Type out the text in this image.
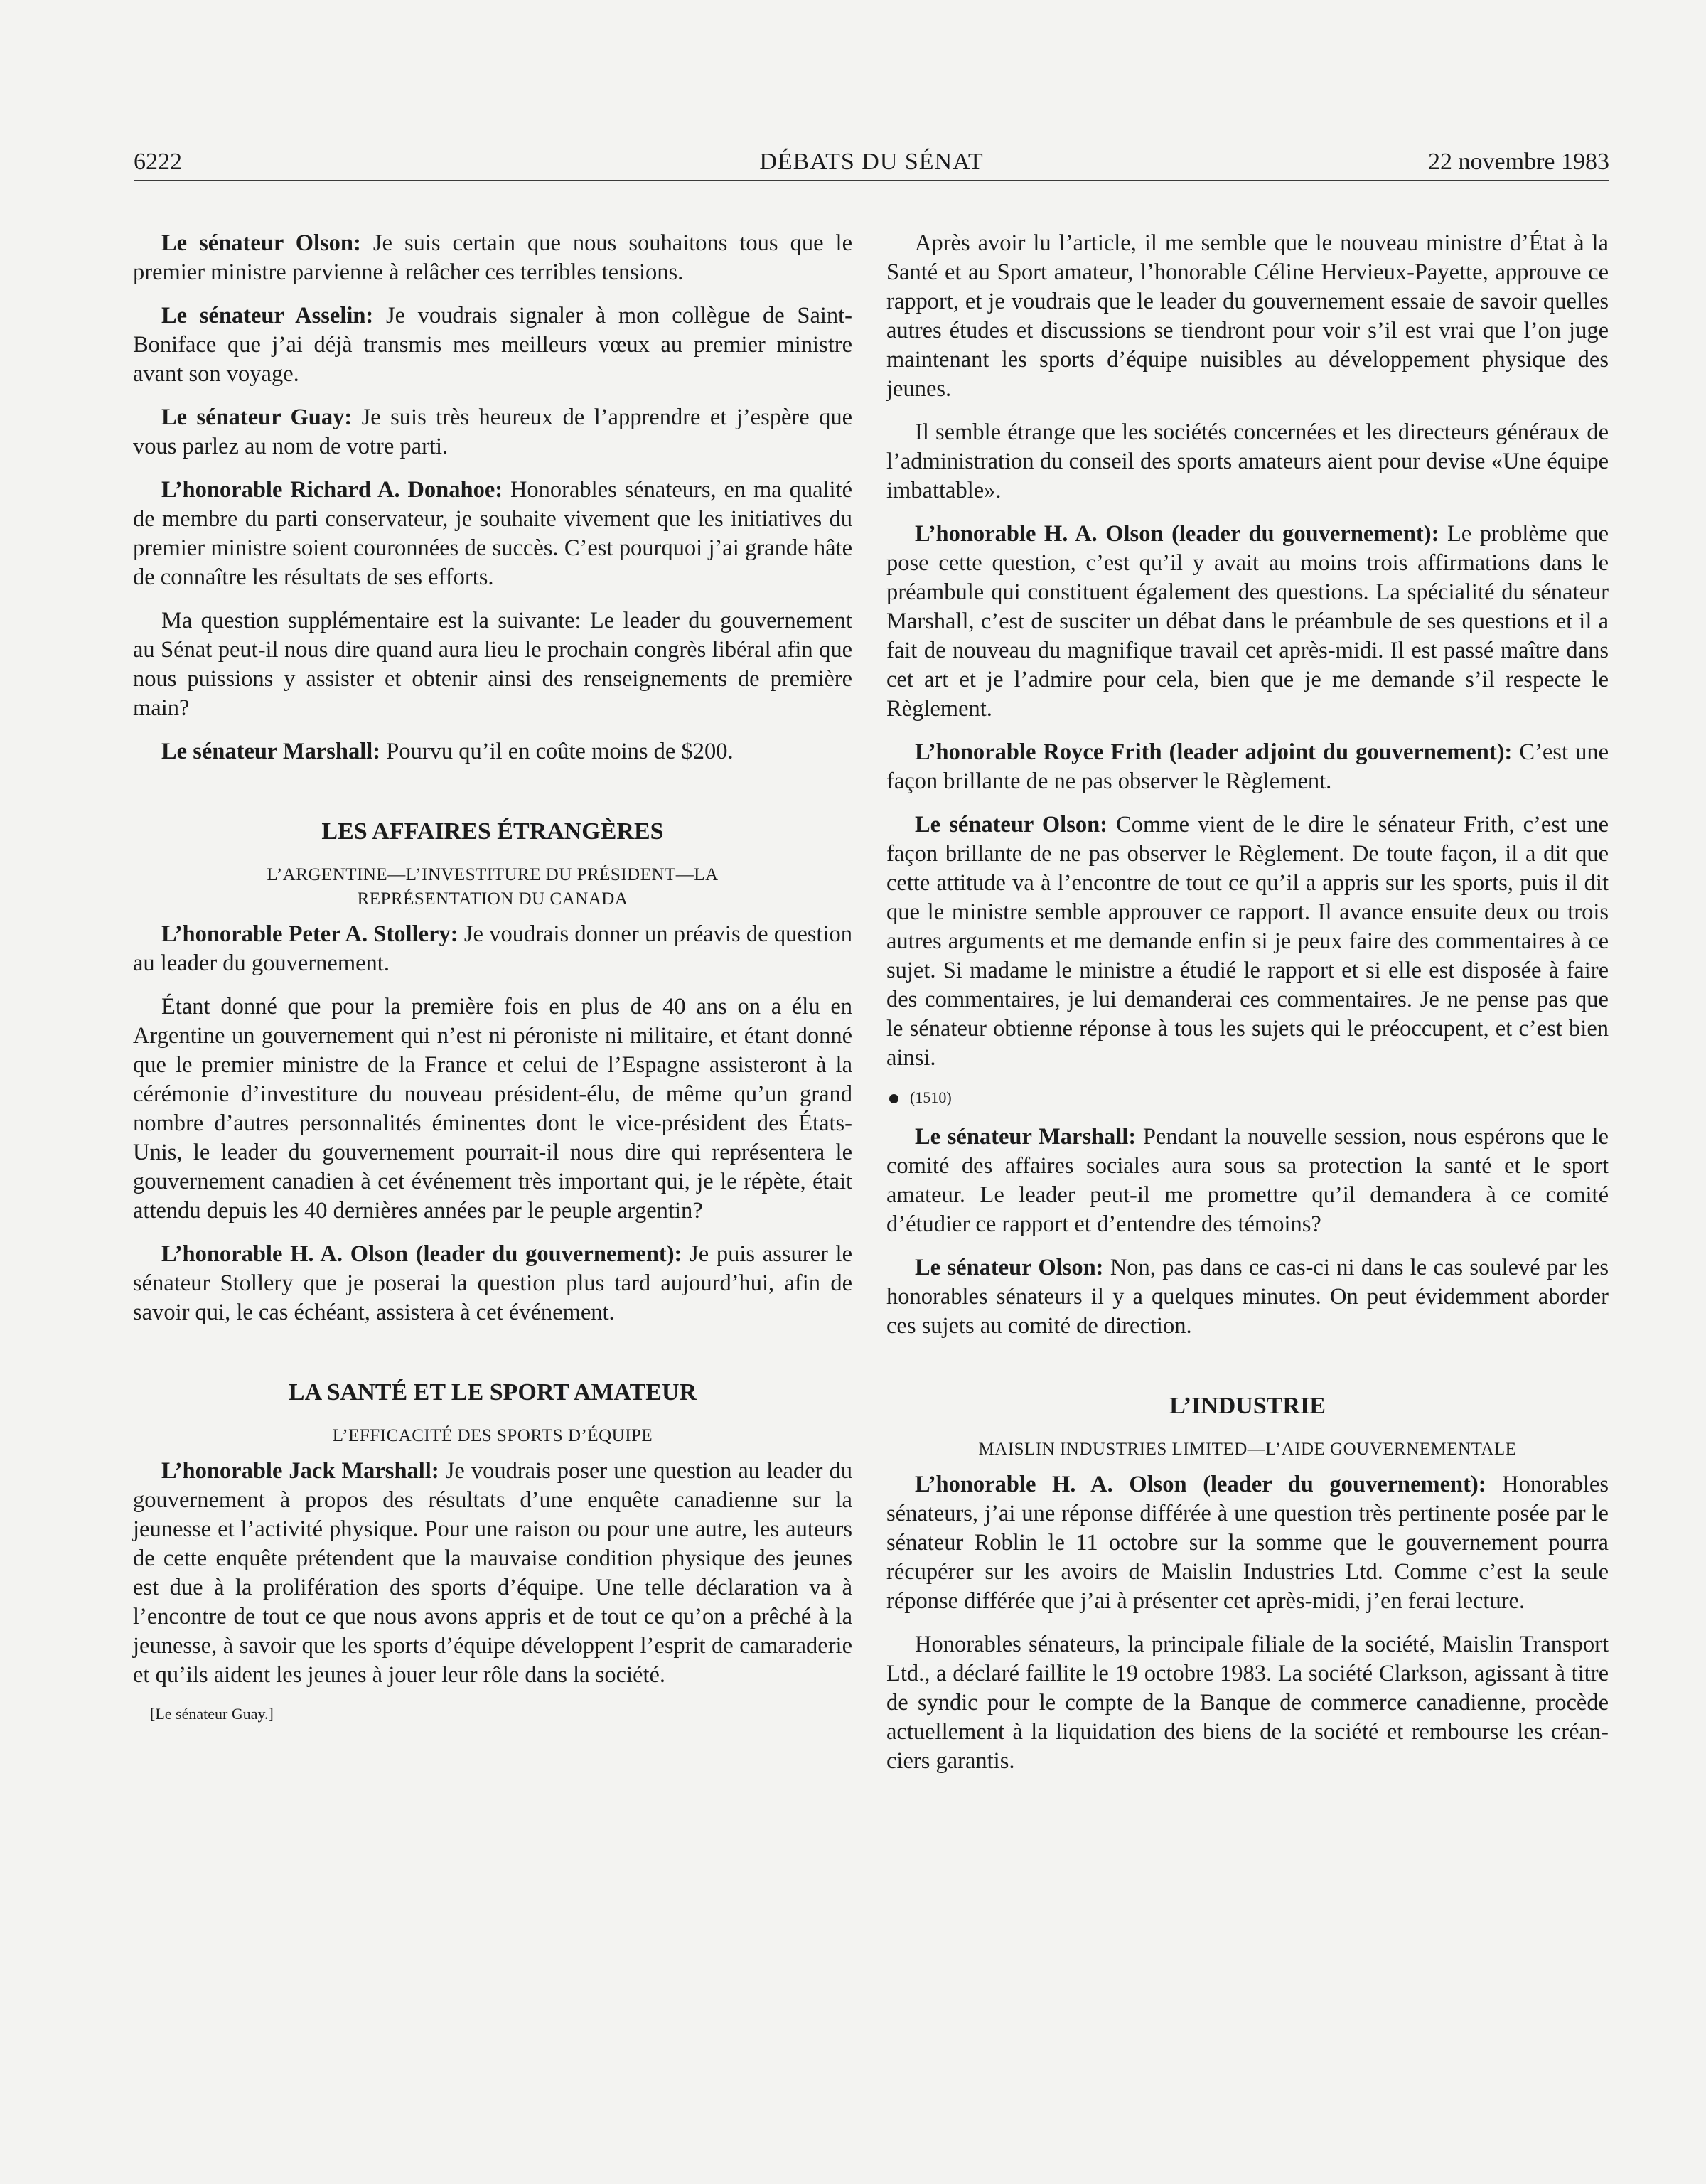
6222	DÉBATS DU SÉNAT	22 novembre 1983

Le sénateur Olson: Je suis certain que nous souhaitons tous que le premier ministre parvienne à relâcher ces terribles tensions.

Le sénateur Asselin: Je voudrais signaler à mon collègue de Saint-Boniface que j’ai déjà transmis mes meilleurs vœux au premier ministre avant son voyage.

Le sénateur Guay: Je suis très heureux de l’apprendre et j’espère que vous parlez au nom de votre parti.

L’honorable Richard A. Donahoe: Honorables sénateurs, en ma qualité de membre du parti conservateur, je souhaite vivement que les initiatives du premier ministre soient couronnées de succès. C’est pourquoi j’ai grande hâte de connaître les résultats de ses efforts.

Ma question supplémentaire est la suivante: Le leader du gouvernement au Sénat peut-il nous dire quand aura lieu le prochain congrès libéral afin que nous puissions y assister et obtenir ainsi des renseignements de première main?

Le sénateur Marshall: Pourvu qu’il en coûte moins de $200.

LES AFFAIRES ÉTRANGÈRES
L’ARGENTINE—L’INVESTITURE DU PRÉSIDENT—LA REPRÉSENTATION DU CANADA

L’honorable Peter A. Stollery: Je voudrais donner un préavis de question au leader du gouvernement.

Étant donné que pour la première fois en plus de 40 ans on a élu en Argentine un gouvernement qui n’est ni péroniste ni militaire, et étant donné que le premier ministre de la France et celui de l’Espagne assisteront à la cérémonie d’investiture du nouveau président-élu, de même qu’un grand nombre d’autres personnalités éminentes dont le vice-président des États-Unis, le leader du gouvernement pourrait-il nous dire qui représentera le gouvernement canadien à cet événement très important qui, je le répète, était attendu depuis les 40 dernières années par le peuple argentin?

L’honorable H. A. Olson (leader du gouvernement): Je puis assurer le sénateur Stollery que je poserai la question plus tard aujourd’hui, afin de savoir qui, le cas échéant, assistera à cet événement.

LA SANTÉ ET LE SPORT AMATEUR
L’EFFICACITÉ DES SPORTS D’ÉQUIPE

L’honorable Jack Marshall: Je voudrais poser une question au leader du gouvernement à propos des résultats d’une enquête canadienne sur la jeunesse et l’activité physique. Pour une raison ou pour une autre, les auteurs de cette enquête prétendent que la mauvaise condition physique des jeunes est due à la prolifération des sports d’équipe. Une telle déclaration va à l’encontre de tout ce que nous avons appris et de tout ce qu’on a prêché à la jeunesse, à savoir que les sports d’équipe développent l’esprit de camaraderie et qu’ils aident les jeunes à jouer leur rôle dans la société.

[Le sénateur Guay.]

Après avoir lu l’article, il me semble que le nouveau ministre d’État à la Santé et au Sport amateur, l’honorable Céline Hervieux-Payette, approuve ce rapport, et je voudrais que le leader du gouvernement essaie de savoir quelles autres études et discussions se tiendront pour voir s’il est vrai que l’on juge maintenant les sports d’équipe nuisibles au développement physique des jeunes.

Il semble étrange que les sociétés concernées et les directeurs généraux de l’administration du conseil des sports amateurs aient pour devise «Une équipe imbattable».

L’honorable H. A. Olson (leader du gouvernement): Le problème que pose cette question, c’est qu’il y avait au moins trois affirmations dans le préambule qui constituent également des questions. La spécialité du sénateur Marshall, c’est de susciter un débat dans le préambule de ses questions et il a fait de nouveau du magnifique travail cet après-midi. Il est passé maître dans cet art et je l’admire pour cela, bien que je me demande s’il respecte le Règlement.

L’honorable Royce Frith (leader adjoint du gouvernement): C’est une façon brillante de ne pas observer le Règlement.

Le sénateur Olson: Comme vient de le dire le sénateur Frith, c’est une façon brillante de ne pas observer le Règlement. De toute façon, il a dit que cette attitude va à l’encontre de tout ce qu’il a appris sur les sports, puis il dit que le ministre semble approuver ce rapport. Il avance ensuite deux ou trois autres arguments et me demande enfin si je peux faire des commentaires à ce sujet. Si madame le ministre a étudié le rapport et si elle est disposée à faire des commentaires, je lui demanderai ces commentaires. Je ne pense pas que le sénateur obtienne réponse à tous les sujets qui le préoccupent, et c’est bien ainsi.

(1510)

Le sénateur Marshall: Pendant la nouvelle session, nous espérons que le comité des affaires sociales aura sous sa protection la santé et le sport amateur. Le leader peut-il me promettre qu’il demandera à ce comité d’étudier ce rapport et d’entendre des témoins?

Le sénateur Olson: Non, pas dans ce cas-ci ni dans le cas soulevé par les honorables sénateurs il y a quelques minutes. On peut évidemment aborder ces sujets au comité de direction.

L’INDUSTRIE
MAISLIN INDUSTRIES LIMITED—L’AIDE GOUVERNEMENTALE

L’honorable H. A. Olson (leader du gouvernement): Honorables sénateurs, j’ai une réponse différée à une question très pertinente posée par le sénateur Roblin le 11 octobre sur la somme que le gouvernement pourra récupérer sur les avoirs de Maislin Industries Ltd. Comme c’est la seule réponse différée que j’ai à présenter cet après-midi, j’en ferai lecture.

Honorables sénateurs, la principale filiale de la société, Maislin Transport Ltd., a déclaré faillite le 19 octobre 1983. La société Clarkson, agissant à titre de syndic pour le compte de la Banque de commerce canadienne, procède actuellement à la liquidation des biens de la société et rembourse les créanciers garantis.
